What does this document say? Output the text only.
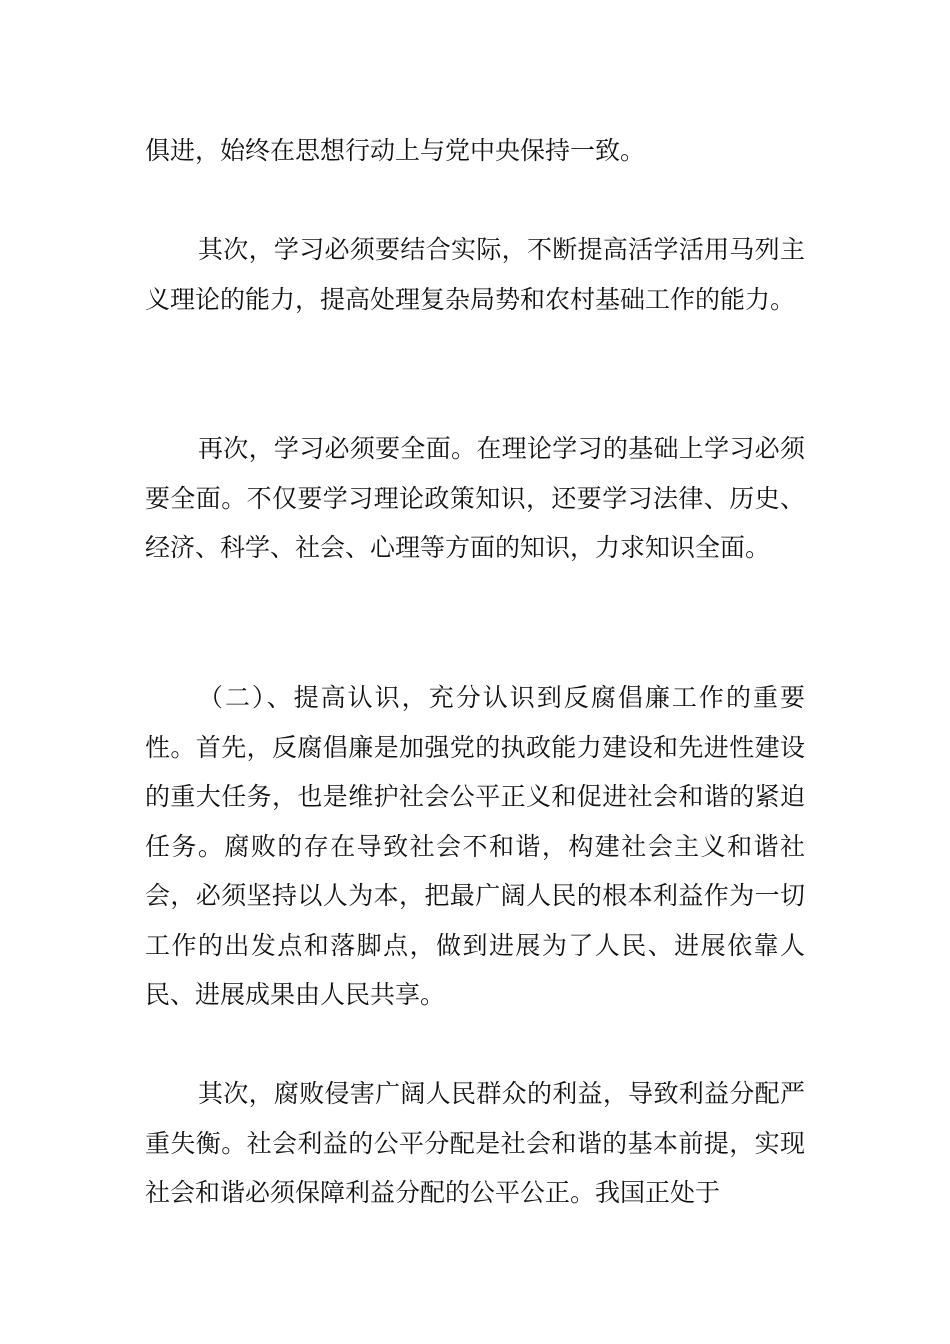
俱进，始终在思想行动上与党中央保持一致。

其次，学习必须要结合实际，不断提高活学活用马列主义理论的能力，提高处理复杂局势和农村基础工作的能力。

再次，学习必须要全面。在理论学习的基础上学习必须要全面。不仅要学习理论政策知识，还要学习法律、历史、经济、科学、社会、心理等方面的知识，力求知识全面。

（二）、提高认识，充分认识到反腐倡廉工作的重要性。首先，反腐倡廉是加强党的执政能力建设和先进性建设的重大任务，也是维护社会公平正义和促进社会和谐的紧迫任务。腐败的存在导致社会不和谐，构建社会主义和谐社会，必须坚持以人为本，把最广阔人民的根本利益作为一切工作的出发点和落脚点，做到进展为了人民、进展依靠人民、进展成果由人民共享。

其次，腐败侵害广阔人民群众的利益，导致利益分配严重失衡。社会利益的公平分配是社会和谐的基本前提，实现社会和谐必须保障利益分配的公平公正。我国正处于
